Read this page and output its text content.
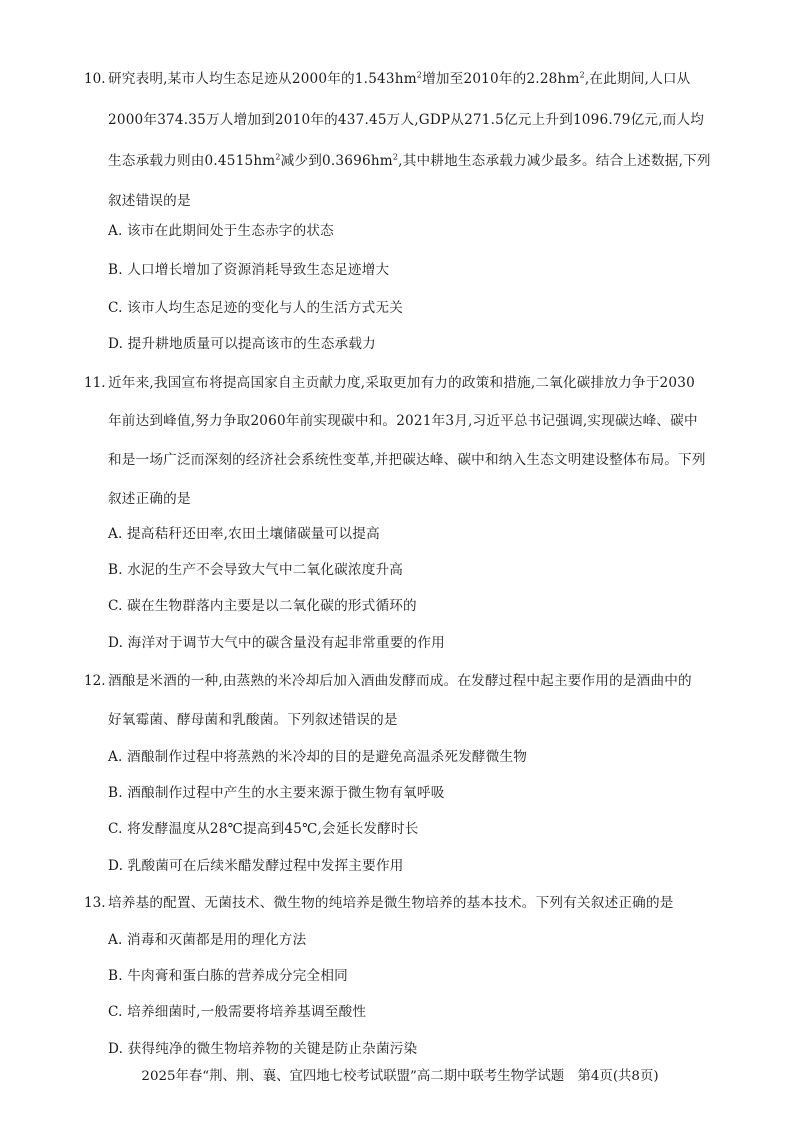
10. 研究表明,某市人均生态足迹从2000年的$1.543hm^2$增加至2010年的$2.28hm^2$,在此期间,人口从
2000年374.35万人增加到2010年的437.45万人,GDP从271.5亿元上升到1096.79亿元,而人均
生态承载力则由$0.4515hm^2$减少到$0.3696hm^2$,其中耕地生态承载力减少最多。结合上述数据,下列
叙述错误的是
A. 该市在此期间处于生态赤字的状态
B. 人口增长增加了资源消耗导致生态足迹增大
C. 该市人均生态足迹的变化与人的生活方式无关
D. 提升耕地质量可以提高该市的生态承载力
11. 近年来,我国宣布将提高国家自主贡献力度,采取更加有力的政策和措施,二氧化碳排放力争于2030
年前达到峰值,努力争取2060年前实现碳中和。2021年3月,习近平总书记强调,实现碳达峰、碳中
和是一场广泛而深刻的经济社会系统性变革,并把碳达峰、碳中和纳入生态文明建设整体布局。下列
叙述正确的是
A. 提高秸秆还田率,农田土壤储碳量可以提高
B. 水泥的生产不会导致大气中二氧化碳浓度升高
C. 碳在生物群落内主要是以二氧化碳的形式循环的
D. 海洋对于调节大气中的碳含量没有起非常重要的作用
12. 酒酿是米酒的一种,由蒸熟的米冷却后加入酒曲发酵而成。在发酵过程中起主要作用的是酒曲中的
好氧霉菌、酵母菌和乳酸菌。下列叙述错误的是
A. 酒酿制作过程中将蒸熟的米冷却的目的是避免高温杀死发酵微生物
B. 酒酿制作过程中产生的水主要来源于微生物有氧呼吸
C. 将发酵温度从28℃提高到45℃,会延长发酵时长
D. 乳酸菌可在后续米醋发酵过程中发挥主要作用
13. 培养基的配置、无菌技术、微生物的纯培养是微生物培养的基本技术。下列有关叙述正确的是
A. 消毒和灭菌都是用的理化方法
B. 牛肉膏和蛋白胨的营养成分完全相同
C. 培养细菌时,一般需要将培养基调至酸性
D. 获得纯净的微生物培养物的关键是防止杂菌污染
2025年春“荆、荆、襄、宜四地七校考试联盟”高二期中联考生物学试题　第4页(共8页)
